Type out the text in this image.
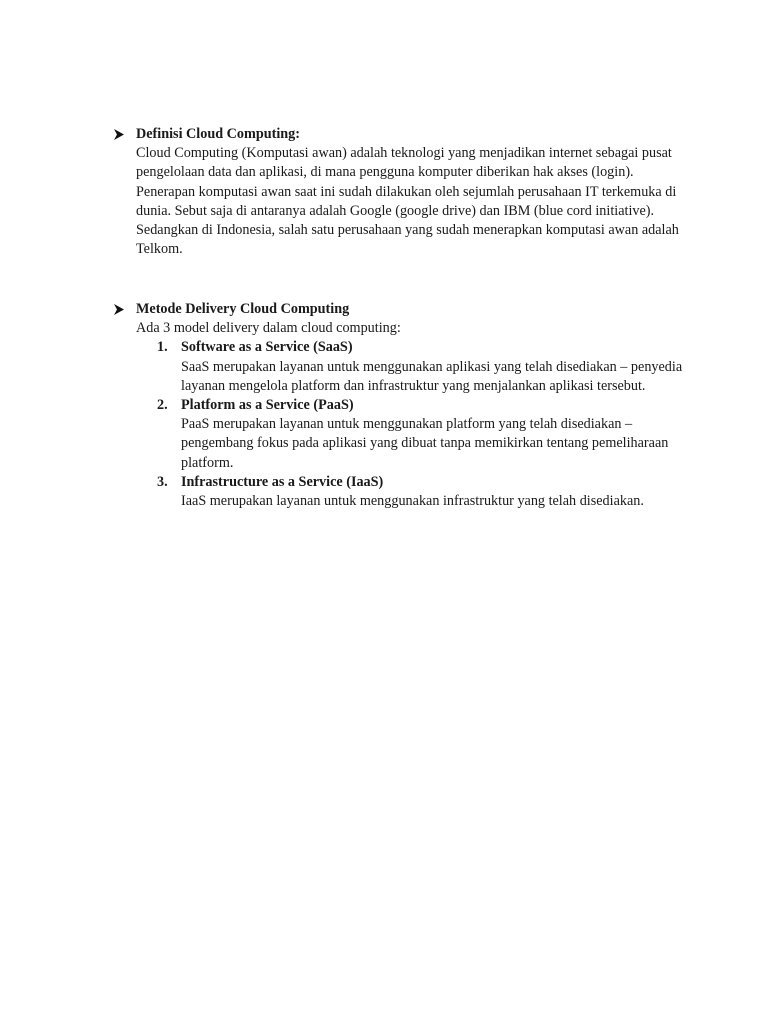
Definisi Cloud Computing:

Cloud Computing (Komputasi awan) adalah teknologi yang menjadikan internet sebagai pusat pengelolaan data dan aplikasi, di mana pengguna komputer diberikan hak akses (login). Penerapan komputasi awan saat ini sudah dilakukan oleh sejumlah perusahaan IT terkemuka di dunia. Sebut saja di antaranya adalah Google (google drive) dan IBM (blue cord initiative). Sedangkan di Indonesia, salah satu perusahaan yang sudah menerapkan komputasi awan adalah Telkom.

Metode Delivery Cloud Computing

Ada 3 model delivery dalam cloud computing:

1. Software as a Service (SaaS)

SaaS merupakan layanan untuk menggunakan aplikasi yang telah disediakan – penyedia layanan mengelola platform dan infrastruktur yang menjalankan aplikasi tersebut.

2. Platform as a Service (PaaS)

PaaS merupakan layanan untuk menggunakan platform yang telah disediakan – pengembang fokus pada aplikasi yang dibuat tanpa memikirkan tentang pemeliharaan platform.

3. Infrastructure as a Service (IaaS)

IaaS merupakan layanan untuk menggunakan infrastruktur yang telah disediakan.
